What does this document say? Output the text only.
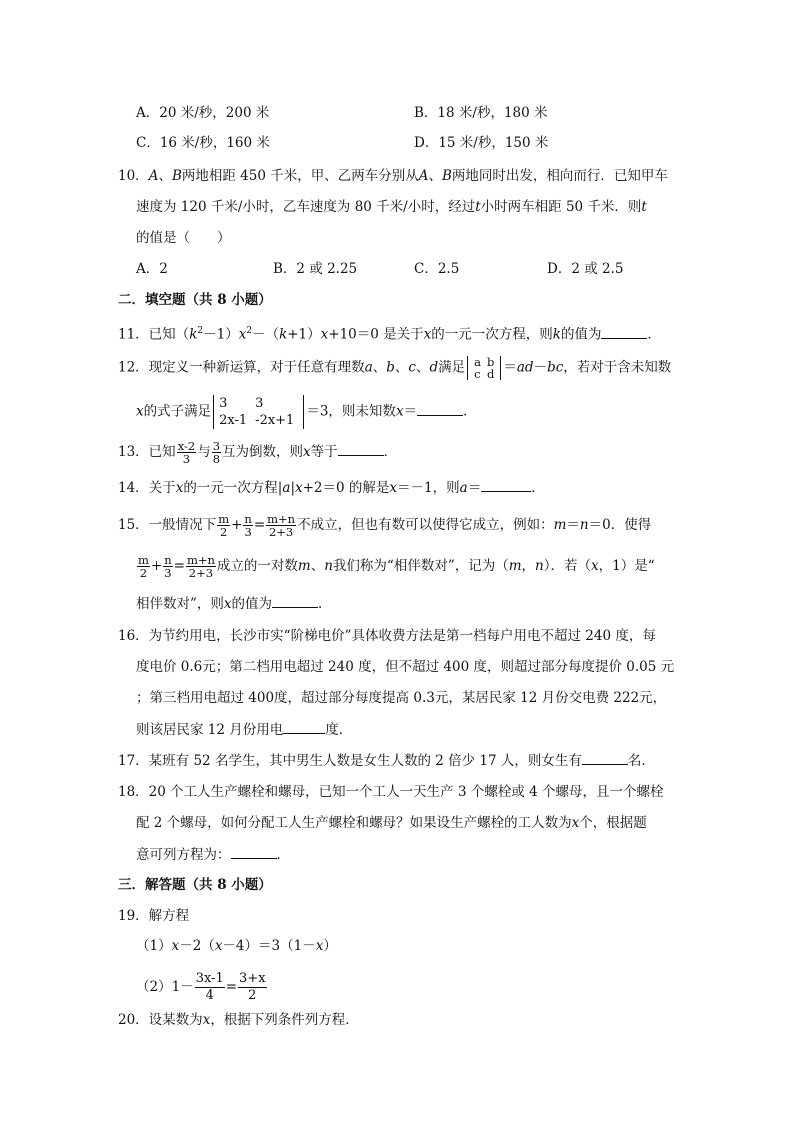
A．20 米/秒，200 米	B．18 米/秒，180 米
C．16 米/秒，160 米	D．15 米/秒，150 米
10．A、B两地相距 450 千米，甲、乙两车分别从A、B两地同时出发，相向而行．已知甲车
速度为 120 千米/小时，乙车速度为 80 千米/小时，经过t小时两车相距 50 千米．则t
的值是（　　）
A．2	B．2 或 2.25	C．2.5	D．2 或 2.5
二．填空题（共 8 小题）
11．已知$(k^2-1)x^2-(k+1)x+10=0$ 是关于x的一元一次方程，则k的值为	．
12．现定义一种新运算，对于任意有理数a、b、c、d满足 a	b
c	d ＝ad－bc，若对于含未知数
x的式子满足 3	3
2x-1	-2x+1
＝3，则未知数x＝	．
13．已知 $\frac{x-2}{3}$ 与 $\frac{3}{8}$ 互为倒数，则x等于	．
14．关于x的一元一次方程|a|x+2＝0 的解是x＝－1，则a＝	．
15．一般情况下 $\frac{m}{2} + \frac{n}{3} = \frac{m+n}{2+3}$ 不成立，但也有数可以使得它成立，例如：m＝n＝0．使得
$\frac{m}{2} + \frac{n}{3} = \frac{m+n}{2+3}$ 成立的一对数m、n我们称为“相伴数对”，记为（m，n）．若（x，1）是“
相伴数对”，则x的值为	．
16．为节约用电，长沙市实“阶梯电价”具体收费方法是第一档每户用电不超过 240 度，每
度电价 0.6元；第二档用电超过 240 度，但不超过 400 度，则超过部分每度提价 0.05 元
；第三档用电超过 400度，超过部分每度提高 0.3元，某居民家 12 月份交电费 222元，
则该居民家 12 月份用电	度．
17．某班有 52 名学生，其中男生人数是女生人数的 2 倍少 17 人，则女生有	名．
18．20 个工人生产螺栓和螺母，已知一个工人一天生产 3 个螺栓或 4 个螺母，且一个螺栓
配 2 个螺母，如何分配工人生产螺栓和螺母？如果设生产螺栓的工人数为x个，根据题
意可列方程为：	．
三．解答题（共 8 小题）
19．解方程
（1）x－2（x－4）＝3（1－x）
$(2)1- \frac{3x-1}{4} = \frac{3+x}{2}$
20．设某数为x，根据下列条件列方程．
